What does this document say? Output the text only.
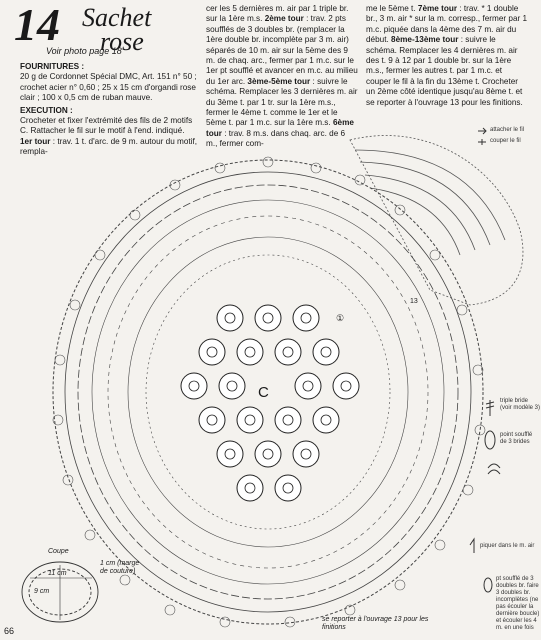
14 Sachet
rose
Voir photo page 18
FOURNITURES :
20 g de Cordonnet Spécial DMC, Art. 151 n° 50 ; crochet acier n° 0,60 ; 25 x 15 cm d'organdi rose clair ; 100 x 0,5 cm de ruban mauve.
EXECUTION :
Crocheter et fixer l'extrémité des fils de 2 motifs C. Rattacher le fil sur le motif à l'end. indiqué. 1er tour : trav. 1 t. d'arc. de 9 m. autour du motif, rempla-
cer les 5 dernières m. air par 1 triple br. sur la 1ère m.s. 2ème tour : trav. 2 pts soufflés de 3 doubles br. (remplacer la 1ère double br. incomplète par 3 m. air) séparés de 10 m. air sur la 5ème des 9 m. de chaq. arc., fermer par 1 m.c. sur le 1er pt soufflé et avancer en m.c. au milieu du 1er arc. 3ème-5ème tour : suivre le schéma. Remplacer les 3 dernières m. air du 3ème t. par 1 tr. sur la 1ère m.s., fermer le 4ème t. comme le 1er et le 5ème t. par 1 m.c. sur la 1ère m.s. 6ème tour : trav. 8 m.s. dans chaq. arc. de 6 m., fermer com-
me le 5ème t. 7ème tour : trav. * 1 double br., 3 m. air * sur la m. corresp., fermer par 1 m.c. piquée dans la 4ème des 7 m. air du début. 8ème-13ème tour : suivre le schéma. Remplacer les 4 dernières m. air des t. 9 à 12 par 1 double br. sur la 1ère m.s., fermer les autres t. par 1 m.c. et couper le fil à la fin du 13ème t. Crocheter un 2ème côté identique jusqu'au 8ème t. et se reporter à l'ouvrage 13 pour les finitions.
attacher le fil
couper le fil
triple bride (voir modèle 3)
point soufflé de 3 brides
piquer dans le m. air
pt soufflé de 3 doubles br. faire 3 doubles br. incomplètes (ne pas écouler la dernière boucle) et écouler les 4 m. en une fois
C
①
13
Coupe
11 cm
9 cm
1 cm (marge de couture)
se reporter à l'ouvrage 13 pour les finitions
66
